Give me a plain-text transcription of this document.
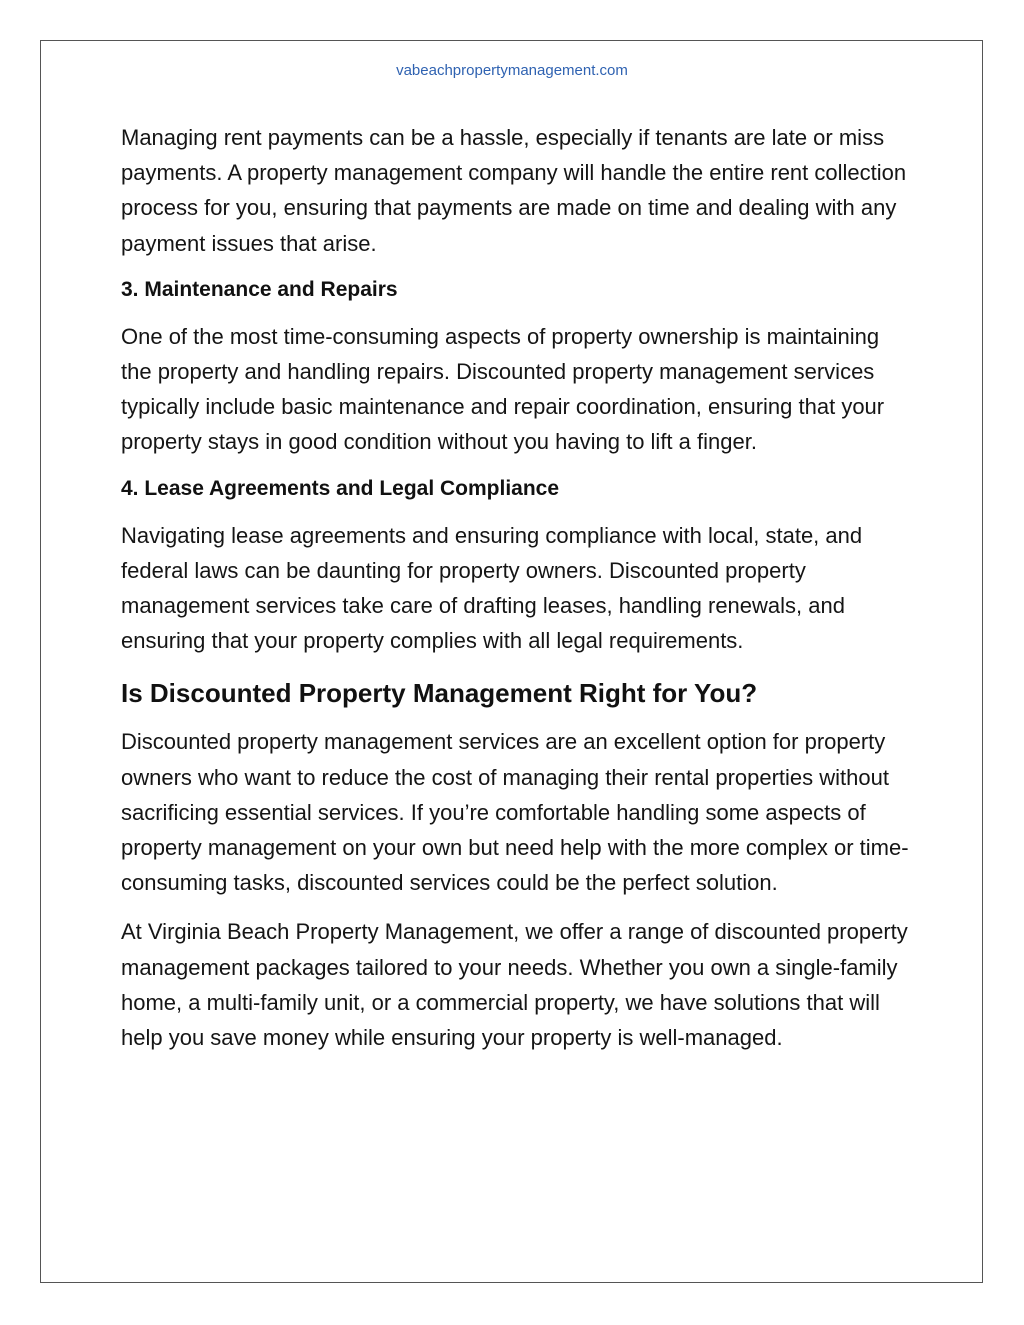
vabeachpropertymanagement.com

Managing rent payments can be a hassle, especially if tenants are late or miss payments. A property management company will handle the entire rent collection process for you, ensuring that payments are made on time and dealing with any payment issues that arise.

3. Maintenance and Repairs

One of the most time-consuming aspects of property ownership is maintaining the property and handling repairs. Discounted property management services typically include basic maintenance and repair coordination, ensuring that your property stays in good condition without you having to lift a finger.

4. Lease Agreements and Legal Compliance

Navigating lease agreements and ensuring compliance with local, state, and federal laws can be daunting for property owners. Discounted property management services take care of drafting leases, handling renewals, and ensuring that your property complies with all legal requirements.

Is Discounted Property Management Right for You?

Discounted property management services are an excellent option for property owners who want to reduce the cost of managing their rental properties without sacrificing essential services. If you’re comfortable handling some aspects of property management on your own but need help with the more complex or time-consuming tasks, discounted services could be the perfect solution.

At Virginia Beach Property Management, we offer a range of discounted property management packages tailored to your needs. Whether you own a single-family home, a multi-family unit, or a commercial property, we have solutions that will help you save money while ensuring your property is well-managed.
